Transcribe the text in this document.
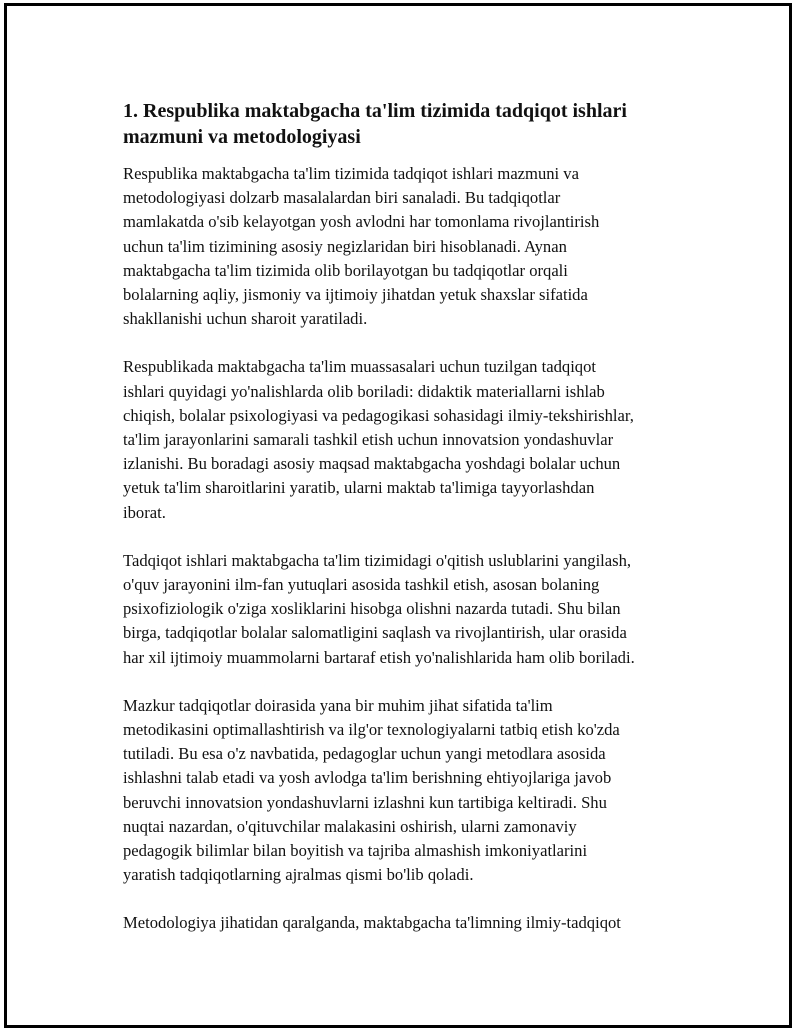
1. Respublika maktabgacha ta'lim tizimida tadqiqot ishlari
mazmuni va metodologiyasi

Respublika maktabgacha ta'lim tizimida tadqiqot ishlari mazmuni va
metodologiyasi dolzarb masalalardan biri sanaladi. Bu tadqiqotlar
mamlakatda o'sib kelayotgan yosh avlodni har tomonlama rivojlantirish
uchun ta'lim tizimining asosiy negizlaridan biri hisoblanadi. Aynan
maktabgacha ta'lim tizimida olib borilayotgan bu tadqiqotlar orqali
bolalarning aqliy, jismoniy va ijtimoiy jihatdan yetuk shaxslar sifatida
shakllanishi uchun sharoit yaratiladi.

Respublikada maktabgacha ta'lim muassasalari uchun tuzilgan tadqiqot
ishlari quyidagi yo'nalishlarda olib boriladi: didaktik materiallarni ishlab
chiqish, bolalar psixologiyasi va pedagogikasi sohasidagi ilmiy-tekshirishlar,
ta'lim jarayonlarini samarali tashkil etish uchun innovatsion yondashuvlar
izlanishi. Bu boradagi asosiy maqsad maktabgacha yoshdagi bolalar uchun
yetuk ta'lim sharoitlarini yaratib, ularni maktab ta'limiga tayyorlashdan
iborat.

Tadqiqot ishlari maktabgacha ta'lim tizimidagi o'qitish uslublarini yangilash,
o'quv jarayonini ilm-fan yutuqlari asosida tashkil etish, asosan bolaning
psixofiziologik o'ziga xosliklarini hisobga olishni nazarda tutadi. Shu bilan
birga, tadqiqotlar bolalar salomatligini saqlash va rivojlantirish, ular orasida
har xil ijtimoiy muammolarni bartaraf etish yo'nalishlarida ham olib boriladi.

Mazkur tadqiqotlar doirasida yana bir muhim jihat sifatida ta'lim
metodikasini optimallashtirish va ilg'or texnologiyalarni tatbiq etish ko'zda
tutiladi. Bu esa o'z navbatida, pedagoglar uchun yangi metodlara asosida
ishlashni talab etadi va yosh avlodga ta'lim berishning ehtiyojlariga javob
beruvchi innovatsion yondashuvlarni izlashni kun tartibiga keltiradi. Shu
nuqtai nazardan, o'qituvchilar malakasini oshirish, ularni zamonaviy
pedagogik bilimlar bilan boyitish va tajriba almashish imkoniyatlarini
yaratish tadqiqotlarning ajralmas qismi bo'lib qoladi.

Metodologiya jihatidan qaralganda, maktabgacha ta'limning ilmiy-tadqiqot
